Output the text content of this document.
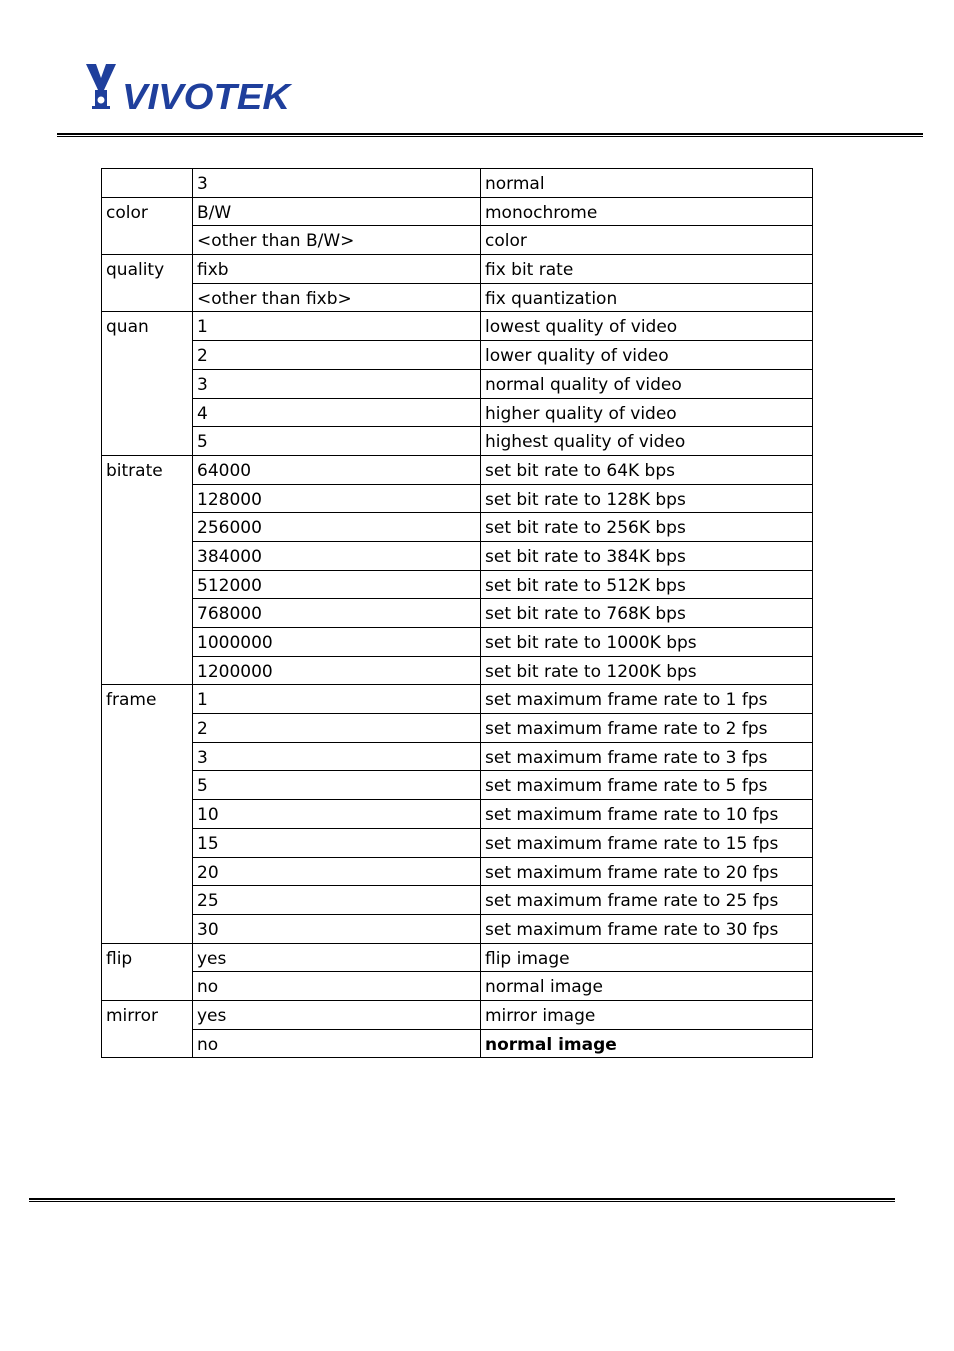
VIVOTEK
	3	normal
color	B/W	monochrome
	<other than B/W>	color
quality	fixb	fix bit rate
	<other than fixb>	fix quantization
quan	1	lowest quality of video
	2	lower quality of video
	3	normal quality of video
	4	higher quality of video
	5	highest quality of video
bitrate	64000	set bit rate to 64K bps
	128000	set bit rate to 128K bps
	256000	set bit rate to 256K bps
	384000	set bit rate to 384K bps
	512000	set bit rate to 512K bps
	768000	set bit rate to 768K bps
	1000000	set bit rate to 1000K bps
	1200000	set bit rate to 1200K bps
frame	1	set maximum frame rate to 1 fps
	2	set maximum frame rate to 2 fps
	3	set maximum frame rate to 3 fps
	5	set maximum frame rate to 5 fps
	10	set maximum frame rate to 10 fps
	15	set maximum frame rate to 15 fps
	20	set maximum frame rate to 20 fps
	25	set maximum frame rate to 25 fps
	30	set maximum frame rate to 30 fps
flip	yes	flip image
	no	normal image
mirror	yes	mirror image
	no	normal image
